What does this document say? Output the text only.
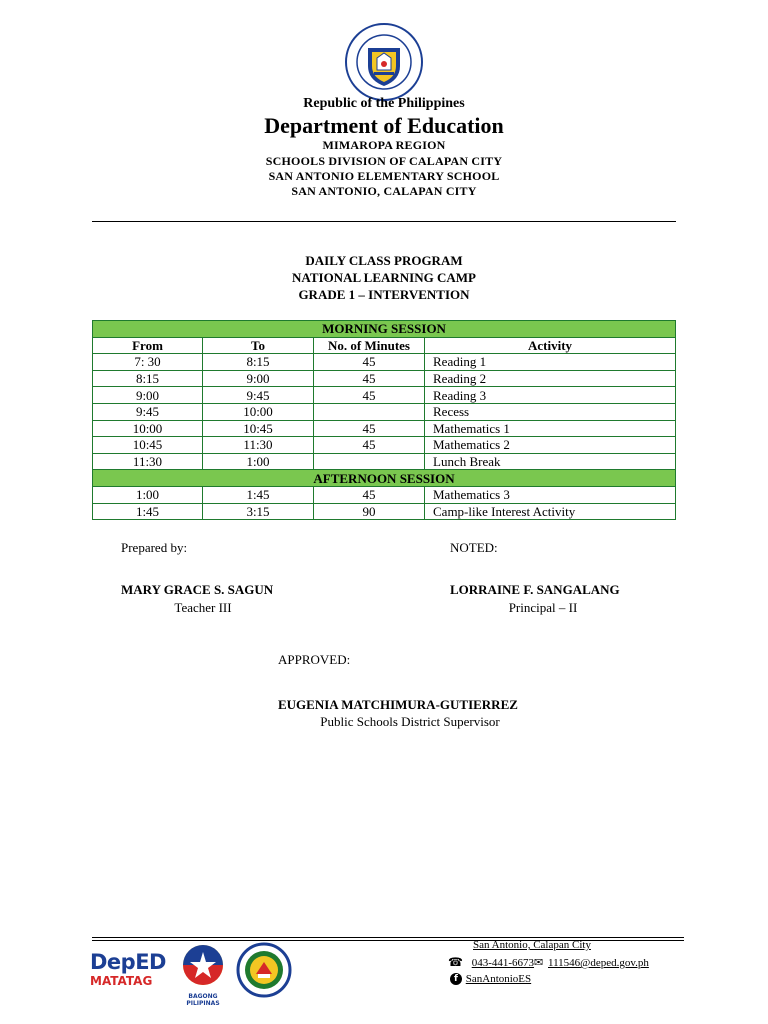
Republic of the Philippines
Department of Education
MIMAROPA REGION
SCHOOLS DIVISION OF CALAPAN CITY
SAN ANTONIO ELEMENTARY SCHOOL
SAN ANTONIO, CALAPAN CITY
DAILY CLASS PROGRAM
NATIONAL LEARNING CAMP
GRADE 1 – INTERVENTION
MORNING SESSION			
From	To	No. of Minutes	Activity
7: 30	8:15	45	Reading 1
8:15	9:00	45	Reading 2
9:00	9:45	45	Reading 3
9:45	10:00		Recess
10:00	10:45	45	Mathematics 1
10:45	11:30	45	Mathematics 2
11:30	1:00		Lunch Break
AFTERNOON SESSION			
1:00	1:45	45	Mathematics 3
1:45	3:15	90	Camp-like Interest Activity
Prepared by:	NOTED:
MARY GRACE S. SAGUN
Teacher III
LORRAINE F. SANGALANG
Principal – II
APPROVED:
EUGENIA MATCHIMURA-GUTIERREZ
Public Schools District Supervisor
DepED
MATATAG
BAGONG PILIPINAS
San Antonio, Calapan City
☎ 043-441-6673✉ 111546@deped.gov.ph
f SanAntonioES
